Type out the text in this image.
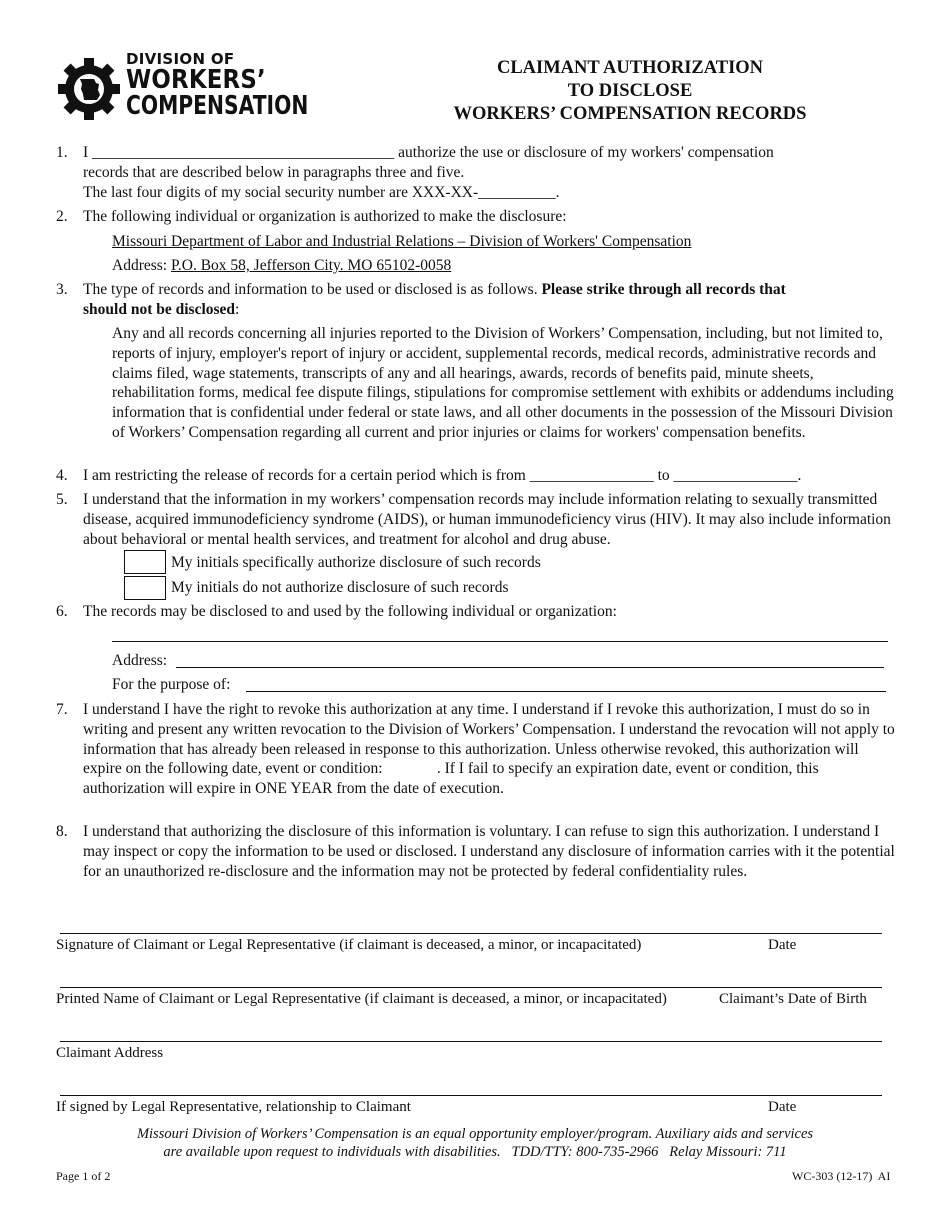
DIVISION OF
WORKERS’
COMPENSATION
CLAIMANT AUTHORIZATION
TO DISCLOSE
WORKERS’ COMPENSATION RECORDS
1. I _______________________________________ authorize the use or disclosure of my workers' compensation
records that are described below in paragraphs three and five.
The last four digits of my social security number are XXX-XX-__________.
2. The following individual or organization is authorized to make the disclosure:
Missouri Department of Labor and Industrial Relations – Division of Workers' Compensation
Address: P.O. Box 58, Jefferson City. MO 65102-0058
3. The type of records and information to be used or disclosed is as follows. Please strike through all records that
should not be disclosed:

Any and all records concerning all injuries reported to the Division of Workers’ Compensation, including, but not limited to, reports of injury, employer's report of injury or accident, supplemental records, medical records, administrative records and claims filed, wage statements, transcripts of any and all hearings, awards, records of benefits paid, minute sheets, rehabilitation forms, medical fee dispute filings, stipulations for compromise settlement with exhibits or addendums including information that is confidential under federal or state laws, and all other documents in the possession of the Missouri Division of Workers’ Compensation regarding all current and prior injuries or claims for workers' compensation benefits.

4. I am restricting the release of records for a certain period which is from ________________ to ________________.
5. I understand that the information in my workers’ compensation records may include information relating to sexually transmitted disease, acquired immunodeficiency syndrome (AIDS), or human immunodeficiency virus (HIV). It may also include information about behavioral or mental health services, and treatment for alcohol and drug abuse.

My initials specifically authorize disclosure of such records
My initials do not authorize disclosure of such records
6. The records may be disclosed to and used by the following individual or organization:
Address:
For the purpose of:
7. I understand I have the right to revoke this authorization at any time. I understand if I revoke this authorization, I must do so in writing and present any written revocation to the Division of Workers’ Compensation. I understand the revocation will not apply to information that has already been released in response to this authorization. Unless otherwise revoked, this authorization will expire on the following date, event or condition:              . If I fail to specify an expiration date, event or condition, this authorization will expire in ONE YEAR from the date of execution.

8. I understand that authorizing the disclosure of this information is voluntary. I can refuse to sign this authorization. I understand I may inspect or copy the information to be used or disclosed. I understand any disclosure of information carries with it the potential for an unauthorized re-disclosure and the information may not be protected by federal confidentiality rules.

Signature of Claimant or Legal Representative (if claimant is deceased, a minor, or incapacitated)	Date
Printed Name of Claimant or Legal Representative (if claimant is deceased, a minor, or incapacitated)	Claimant’s Date of Birth
Claimant Address
If signed by Legal Representative, relationship to Claimant	Date
Missouri Division of Workers’ Compensation is an equal opportunity employer/program. Auxiliary aids and services
are available upon request to individuals with disabilities.   TDD/TTY: 800-735-2966   Relay Missouri: 711
Page 1 of 2	WC-303 (12-17)  AI
